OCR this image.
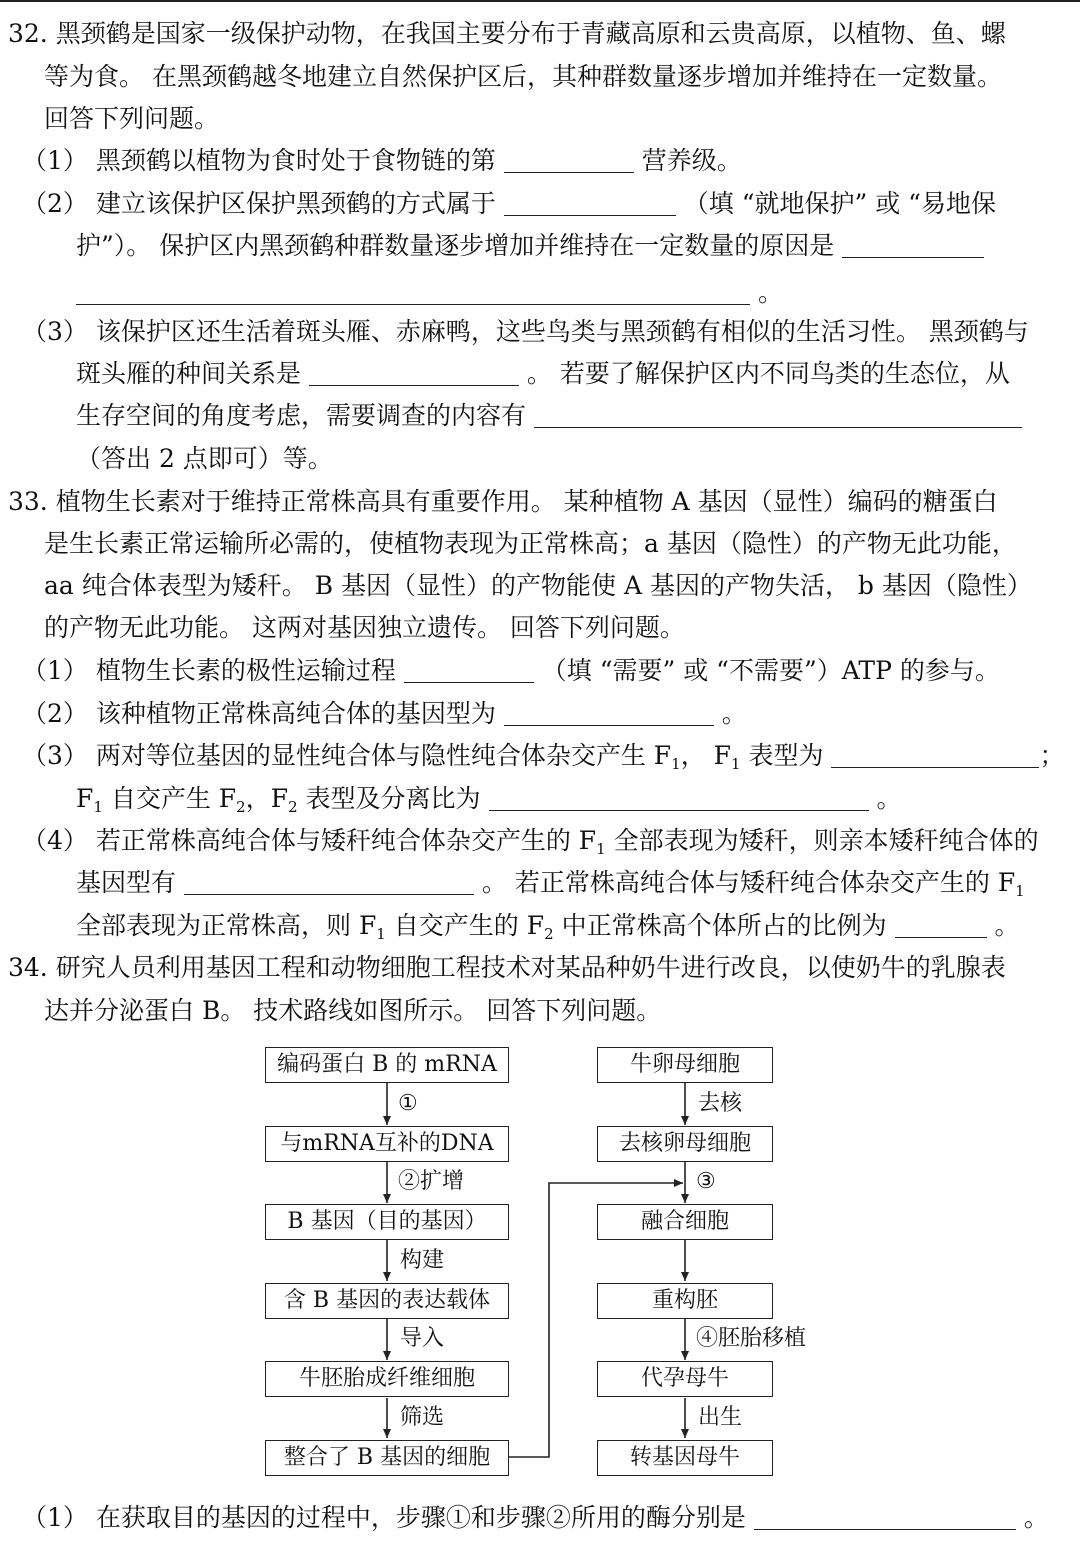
32. 黑颈鹤是国家一级保护动物，在我国主要分布于青藏高原和云贵高原，以植物、鱼、螺
等为食。 在黑颈鹤越冬地建立自然保护区后，其种群数量逐步增加并维持在一定数量。
回答下列问题。
（1） 黑颈鹤以植物为食时处于食物链的第	营养级。
（2） 建立该保护区保护黑颈鹤的方式属于	（填 “就地保护” 或 “易地保
护”）。 保护区内黑颈鹤种群数量逐步增加并维持在一定数量的原因是
。
（3） 该保护区还生活着斑头雁、赤麻鸭，这些鸟类与黑颈鹤有相似的生活习性。 黑颈鹤与
斑头雁的种间关系是	。 若要了解保护区内不同鸟类的生态位，从
生存空间的角度考虑，需要调查的内容有
（答出 2 点即可）等。
33. 植物生长素对于维持正常株高具有重要作用。 某种植物 A 基因（显性）编码的糖蛋白
是生长素正常运输所必需的，使植物表现为正常株高；a 基因（隐性）的产物无此功能，
aa 纯合体表型为矮秆。 B 基因（显性）的产物能使 A 基因的产物失活， b 基因（隐性）
的产物无此功能。 这两对基因独立遗传。 回答下列问题。
（1） 植物生长素的极性运输过程	（填 “需要” 或 “不需要”）ATP 的参与。
（2） 该种植物正常株高纯合体的基因型为	。
（3） 两对等位基因的显性纯合体与隐性纯合体杂交产生 $F_1$， $F_1$ 表型为	；
$F_1$ 自交产生 $F_2$，$F_2$ 表型及分离比为	。
（4） 若正常株高纯合体与矮秆纯合体杂交产生的 $F_1$ 全部表现为矮秆，则亲本矮秆纯合体的
基因型有	。 若正常株高纯合体与矮秆纯合体杂交产生的 $F_1$
全部表现为正常株高，则 $F_1$ 自交产生的 $F_2$ 中正常株高个体所占的比例为	。
34. 研究人员利用基因工程和动物细胞工程技术对某品种奶牛进行改良，以使奶牛的乳腺表
达并分泌蛋白 B。 技术路线如图所示。 回答下列问题。
编码蛋白 B 的 mRNA
与mRNA互补的DNA
B 基因（目的基因）
含 B 基因的表达载体
牛胚胎成纤维细胞
整合了 B 基因的细胞
①
②扩增
构建
导入
筛选
牛卵母细胞
去核卵母细胞
融合细胞
重构胚
代孕母牛
转基因母牛
去核
③
④胚胎移植
出生
（1） 在获取目的基因的过程中，步骤①和步骤②所用的酶分别是	。
